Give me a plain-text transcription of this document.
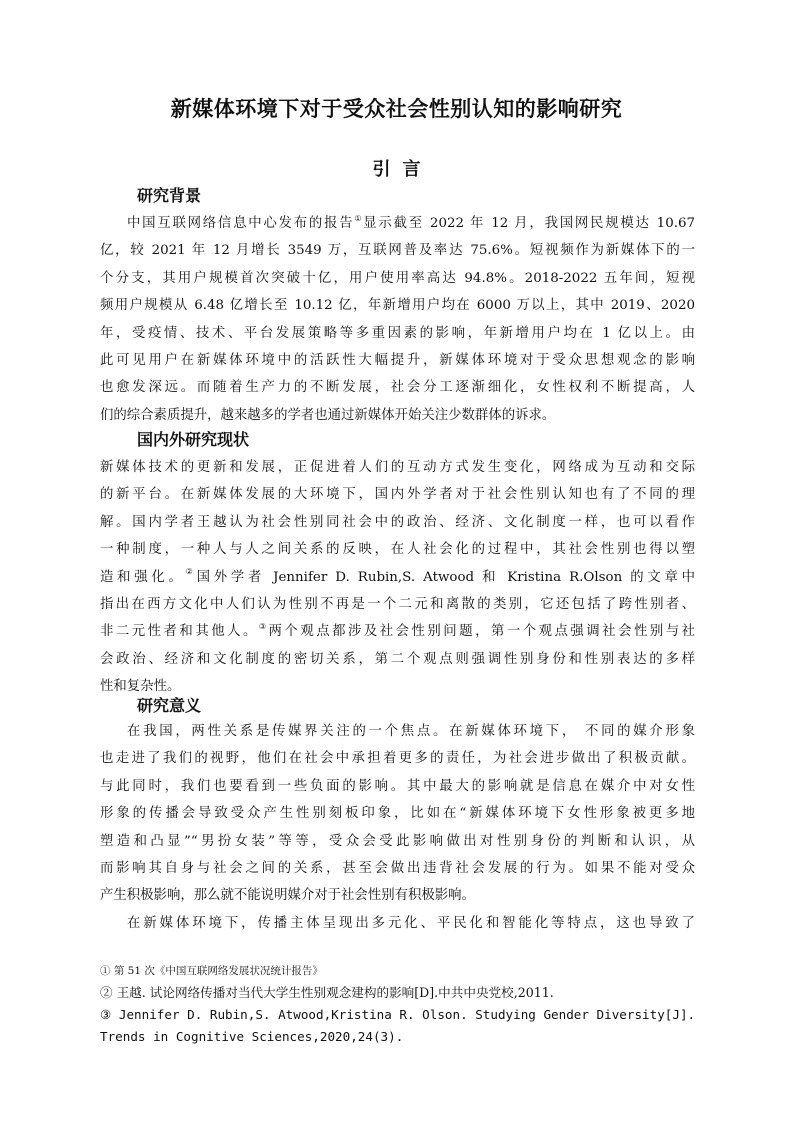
新媒体环境下对于受众社会性别认知的影响研究
引言
研究背景
中国互联网络信息中心发布的报告①显示截至 2022 年 12 月，我国网民规模达 10.67
亿，较 2021 年 12 月增长 3549 万，互联网普及率达 75.6%。短视频作为新媒体下的一
个分支，其用户规模首次突破十亿，用户使用率高达 94.8%。2018-2022 五年间，短视
频用户规模从 6.48 亿增长至 10.12 亿，年新增用户均在 6000 万以上，其中 2019、2020
年，受疫情、技术、平台发展策略等多重因素的影响，年新增用户均在 1 亿以上。由
此可见用户在新媒体环境中的活跃性大幅提升，新媒体环境对于受众思想观念的影响
也愈发深远。而随着生产力的不断发展，社会分工逐渐细化，女性权利不断提高，人
们的综合素质提升，越来越多的学者也通过新媒体开始关注少数群体的诉求。
国内外研究现状
新媒体技术的更新和发展，正促进着人们的互动方式发生变化，网络成为互动和交际
的新平台。在新媒体发展的大环境下，国内外学者对于社会性别认知也有了不同的理
解。国内学者王越认为社会性别同社会中的政治、经济、文化制度一样，也可以看作
一种制度，一种人与人之间关系的反映，在人社会化的过程中，其社会性别也得以塑
造和强化。②国外学者 Jennifer D. Rubin,S. Atwood 和 Kristina R.Olson 的文章中
指出在西方文化中人们认为性别不再是一个二元和离散的类别，它还包括了跨性别者、
非二元性者和其他人。③两个观点都涉及社会性别问题，第一个观点强调社会性别与社
会政治、经济和文化制度的密切关系，第二个观点则强调性别身份和性别表达的多样
性和复杂性。
研究意义
在我国，两性关系是传媒界关注的一个焦点。在新媒体环境下， 不同的媒介形象
也走进了我们的视野，他们在社会中承担着更多的责任，为社会进步做出了积极贡献。
与此同时，我们也要看到一些负面的影响。其中最大的影响就是信息在媒介中对女性
形象的传播会导致受众产生性别刻板印象，比如在“新媒体环境下女性形象被更多地
塑造和凸显”“男扮女装”等等，受众会受此影响做出对性别身份的判断和认识，从
而影响其自身与社会之间的关系，甚至会做出违背社会发展的行为。如果不能对受众
产生积极影响，那么就不能说明媒介对于社会性别有积极影响。
在新媒体环境下，传播主体呈现出多元化、平民化和智能化等特点，这也导致了
① 第 51 次《中国互联网络发展状况统计报告》
② 王越. 试论网络传播对当代大学生性别观念建构的影响[D].中共中央党校,2011.
③ Jennifer D. Rubin,S. Atwood,Kristina R. Olson. Studying Gender Diversity[J].
Trends in Cognitive Sciences,2020,24(3).
